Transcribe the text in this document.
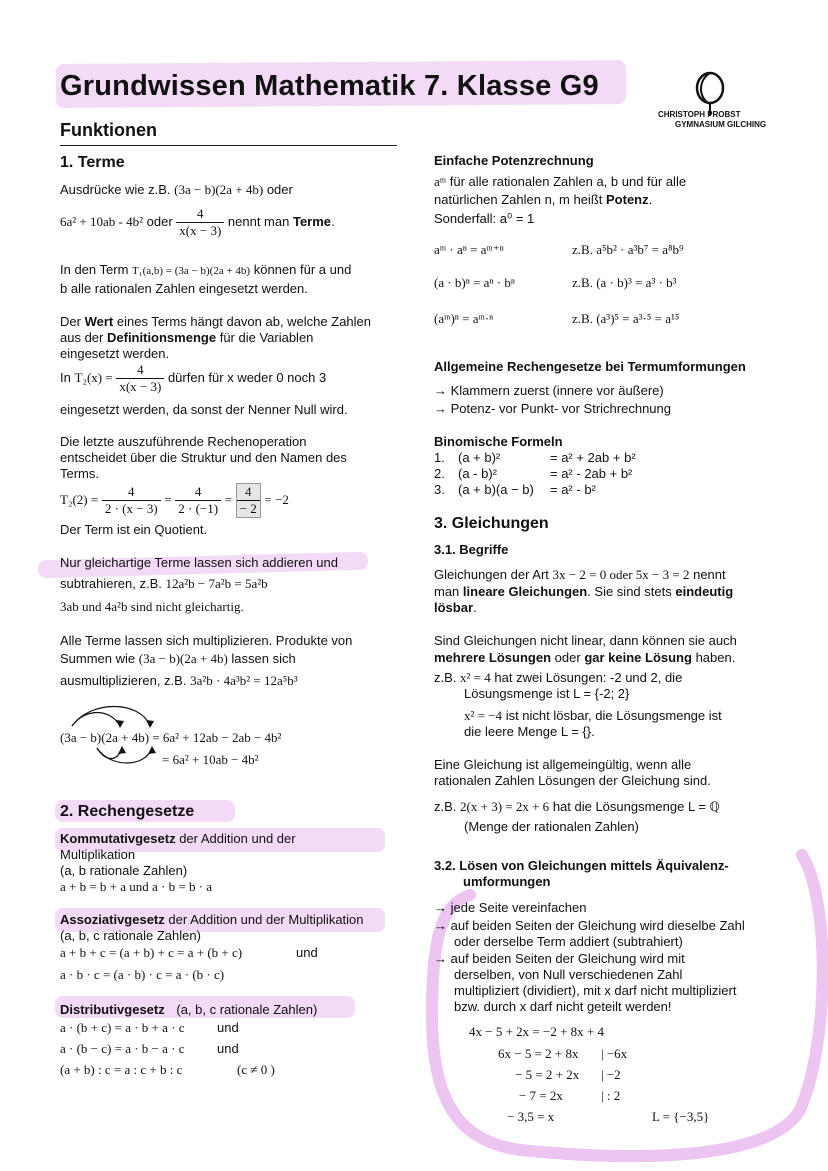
Grundwissen Mathematik 7. Klasse G9
CHRISTOPH PROBST
GYMNASIUM GILCHING
Funktionen
1. Terme
Ausdrücke wie z.B. (3a − b)(2a + 4b) oder
6a² + 10ab - 4b² oder $\frac{4}{x(x - 3)}$ nennt man Terme.
In den Term T₁(a,b) = (3a − b)(2a + 4b) können für a und
b alle rationalen Zahlen eingesetzt werden.
Der Wert eines Terms hängt davon ab, welche Zahlen
aus der Definitionsmenge für die Variablen
eingesetzt werden.
In $T_2(x) = \frac{4}{x(x - 3)}$ dürfen für x weder 0 noch 3
eingesetzt werden, da sonst der Nenner Null wird.
Die letzte auszuführende Rechenoperation
entscheidet über die Struktur und den Namen des
Terms.
$T_2(2) = \frac{4}{2 \cdot (x - 3)} = \frac{4}{2 \cdot (-1)} = \frac{4}{- 2} = -2$
Der Term ist ein Quotient.
Nur gleichartige Terme lassen sich addieren und
subtrahieren, z.B. 12a²b − 7a²b = 5a²b
3ab und 4a²b sind nicht gleichartig.
Alle Terme lassen sich multiplizieren. Produkte von
Summen wie (3a − b)(2a + 4b) lassen sich
ausmultiplizieren, z.B. 3a²b · 4a³b² = 12a⁵b³
(3a − b)(2a + 4b) = 6a² + 12ab − 2ab − 4b²
= 6a² + 10ab − 4b²
2. Rechengesetze
Kommutativgesetz der Addition und der
Multiplikation
(a, b rationale Zahlen)
a + b = b + a und a · b = b · a
Assoziativgesetz der Addition und der Multiplikation
(a, b, c rationale Zahlen)
a + b + c = (a + b) + c = a + (b + c)	und
a · b · c = (a · b) · c = a · (b · c)
Distributivgesetz (a, b, c rationale Zahlen)
a · (b + c) = a · b + a · c	und
a · (b − c) = a · b − a · c	und
(a + b) : c = a : c + b : c	(c ≠ 0 )
Einfache Potenzrechnung
aᵐ für alle rationalen Zahlen a, b und für alle
natürlichen Zahlen n, m heißt Potenz.
Sonderfall: a⁰ = 1
aᵐ · aⁿ = aᵐ⁺ⁿ	z.B. a⁵b² · a³b⁷ = a⁸b⁹
(a · b)ⁿ = aⁿ · bⁿ	z.B. (a · b)³ = a³ · b³
(aᵐ)ⁿ = aᵐ·ⁿ	z.B. (a³)⁵ = a³·⁵ = a¹⁵
Allgemeine Rechengesetze bei Termumformungen
→ Klammern zuerst (innere vor äußere)
→ Potenz- vor Punkt- vor Strichrechnung
Binomische Formeln
1. (a + b)²	= a² + 2ab + b²
2. (a - b)²	= a² - 2ab + b²
3. (a + b)(a − b) = a² - b²
3. Gleichungen
3.1. Begriffe
Gleichungen der Art 3x − 2 = 0 oder 5x − 3 = 2 nennt
man lineare Gleichungen. Sie sind stets eindeutig
lösbar.
Sind Gleichungen nicht linear, dann können sie auch
mehrere Lösungen oder gar keine Lösung haben.
z.B. x² = 4 hat zwei Lösungen: -2 und 2, die
Lösungsmenge ist L = {-2; 2}
x² = −4 ist nicht lösbar, die Lösungsmenge ist
die leere Menge L = {}.
Eine Gleichung ist allgemeingültig, wenn alle
rationalen Zahlen Lösungen der Gleichung sind.
z.B. 2(x + 3) = 2x + 6 hat die Lösungsmenge L = ℚ
(Menge der rationalen Zahlen)
3.2. Lösen von Gleichungen mittels Äquivalenz-
umformungen
→ jede Seite vereinfachen
→ auf beiden Seiten der Gleichung wird dieselbe Zahl
oder derselbe Term addiert (subtrahiert)
→ auf beiden Seiten der Gleichung wird mit
derselben, von Null verschiedenen Zahl
multipliziert (dividiert), mit x darf nicht multipliziert
bzw. durch x darf nicht geteilt werden!
4x − 5 + 2x = −2 + 8x + 4
6x − 5 = 2 + 8x | −6x
− 5 = 2 + 2x | −2
− 7 = 2x	| : 2
− 3,5 = x	L = {−3,5}
